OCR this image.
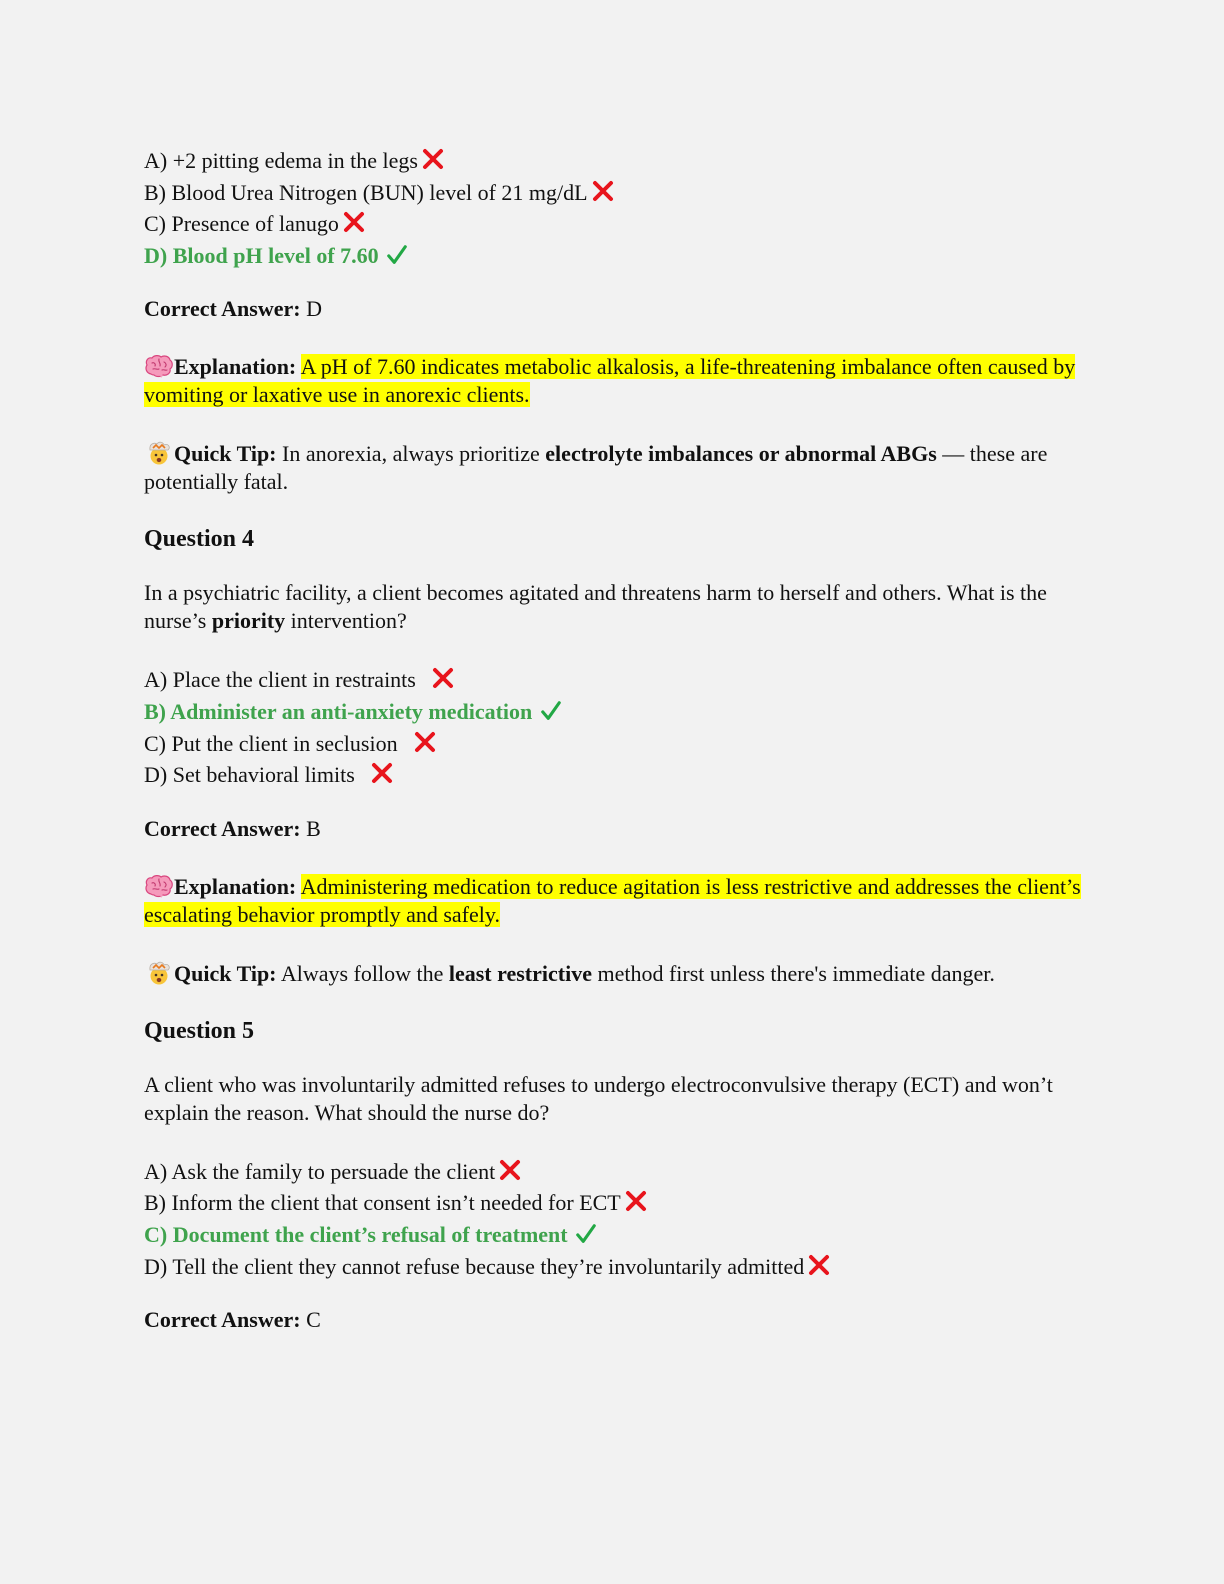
A) +2 pitting edema in the legs
B) Blood Urea Nitrogen (BUN) level of 21 mg/dL
C) Presence of lanugo
D) Blood pH level of 7.60
Correct Answer: D
Explanation: A pH of 7.60 indicates metabolic alkalosis, a life-threatening imbalance often caused by vomiting or laxative use in anorexic clients.
Quick Tip: In anorexia, always prioritize electrolyte imbalances or abnormal ABGs — these are potentially fatal.
Question 4
In a psychiatric facility, a client becomes agitated and threatens harm to herself and others. What is the nurse’s priority intervention?
A) Place the client in restraints
B) Administer an anti-anxiety medication
C) Put the client in seclusion
D) Set behavioral limits
Correct Answer: B
Explanation: Administering medication to reduce agitation is less restrictive and addresses the client’s escalating behavior promptly and safely.
Quick Tip: Always follow the least restrictive method first unless there's immediate danger.
Question 5
A client who was involuntarily admitted refuses to undergo electroconvulsive therapy (ECT) and won’t explain the reason. What should the nurse do?
A) Ask the family to persuade the client
B) Inform the client that consent isn’t needed for ECT
C) Document the client’s refusal of treatment
D) Tell the client they cannot refuse because they’re involuntarily admitted
Correct Answer: C
